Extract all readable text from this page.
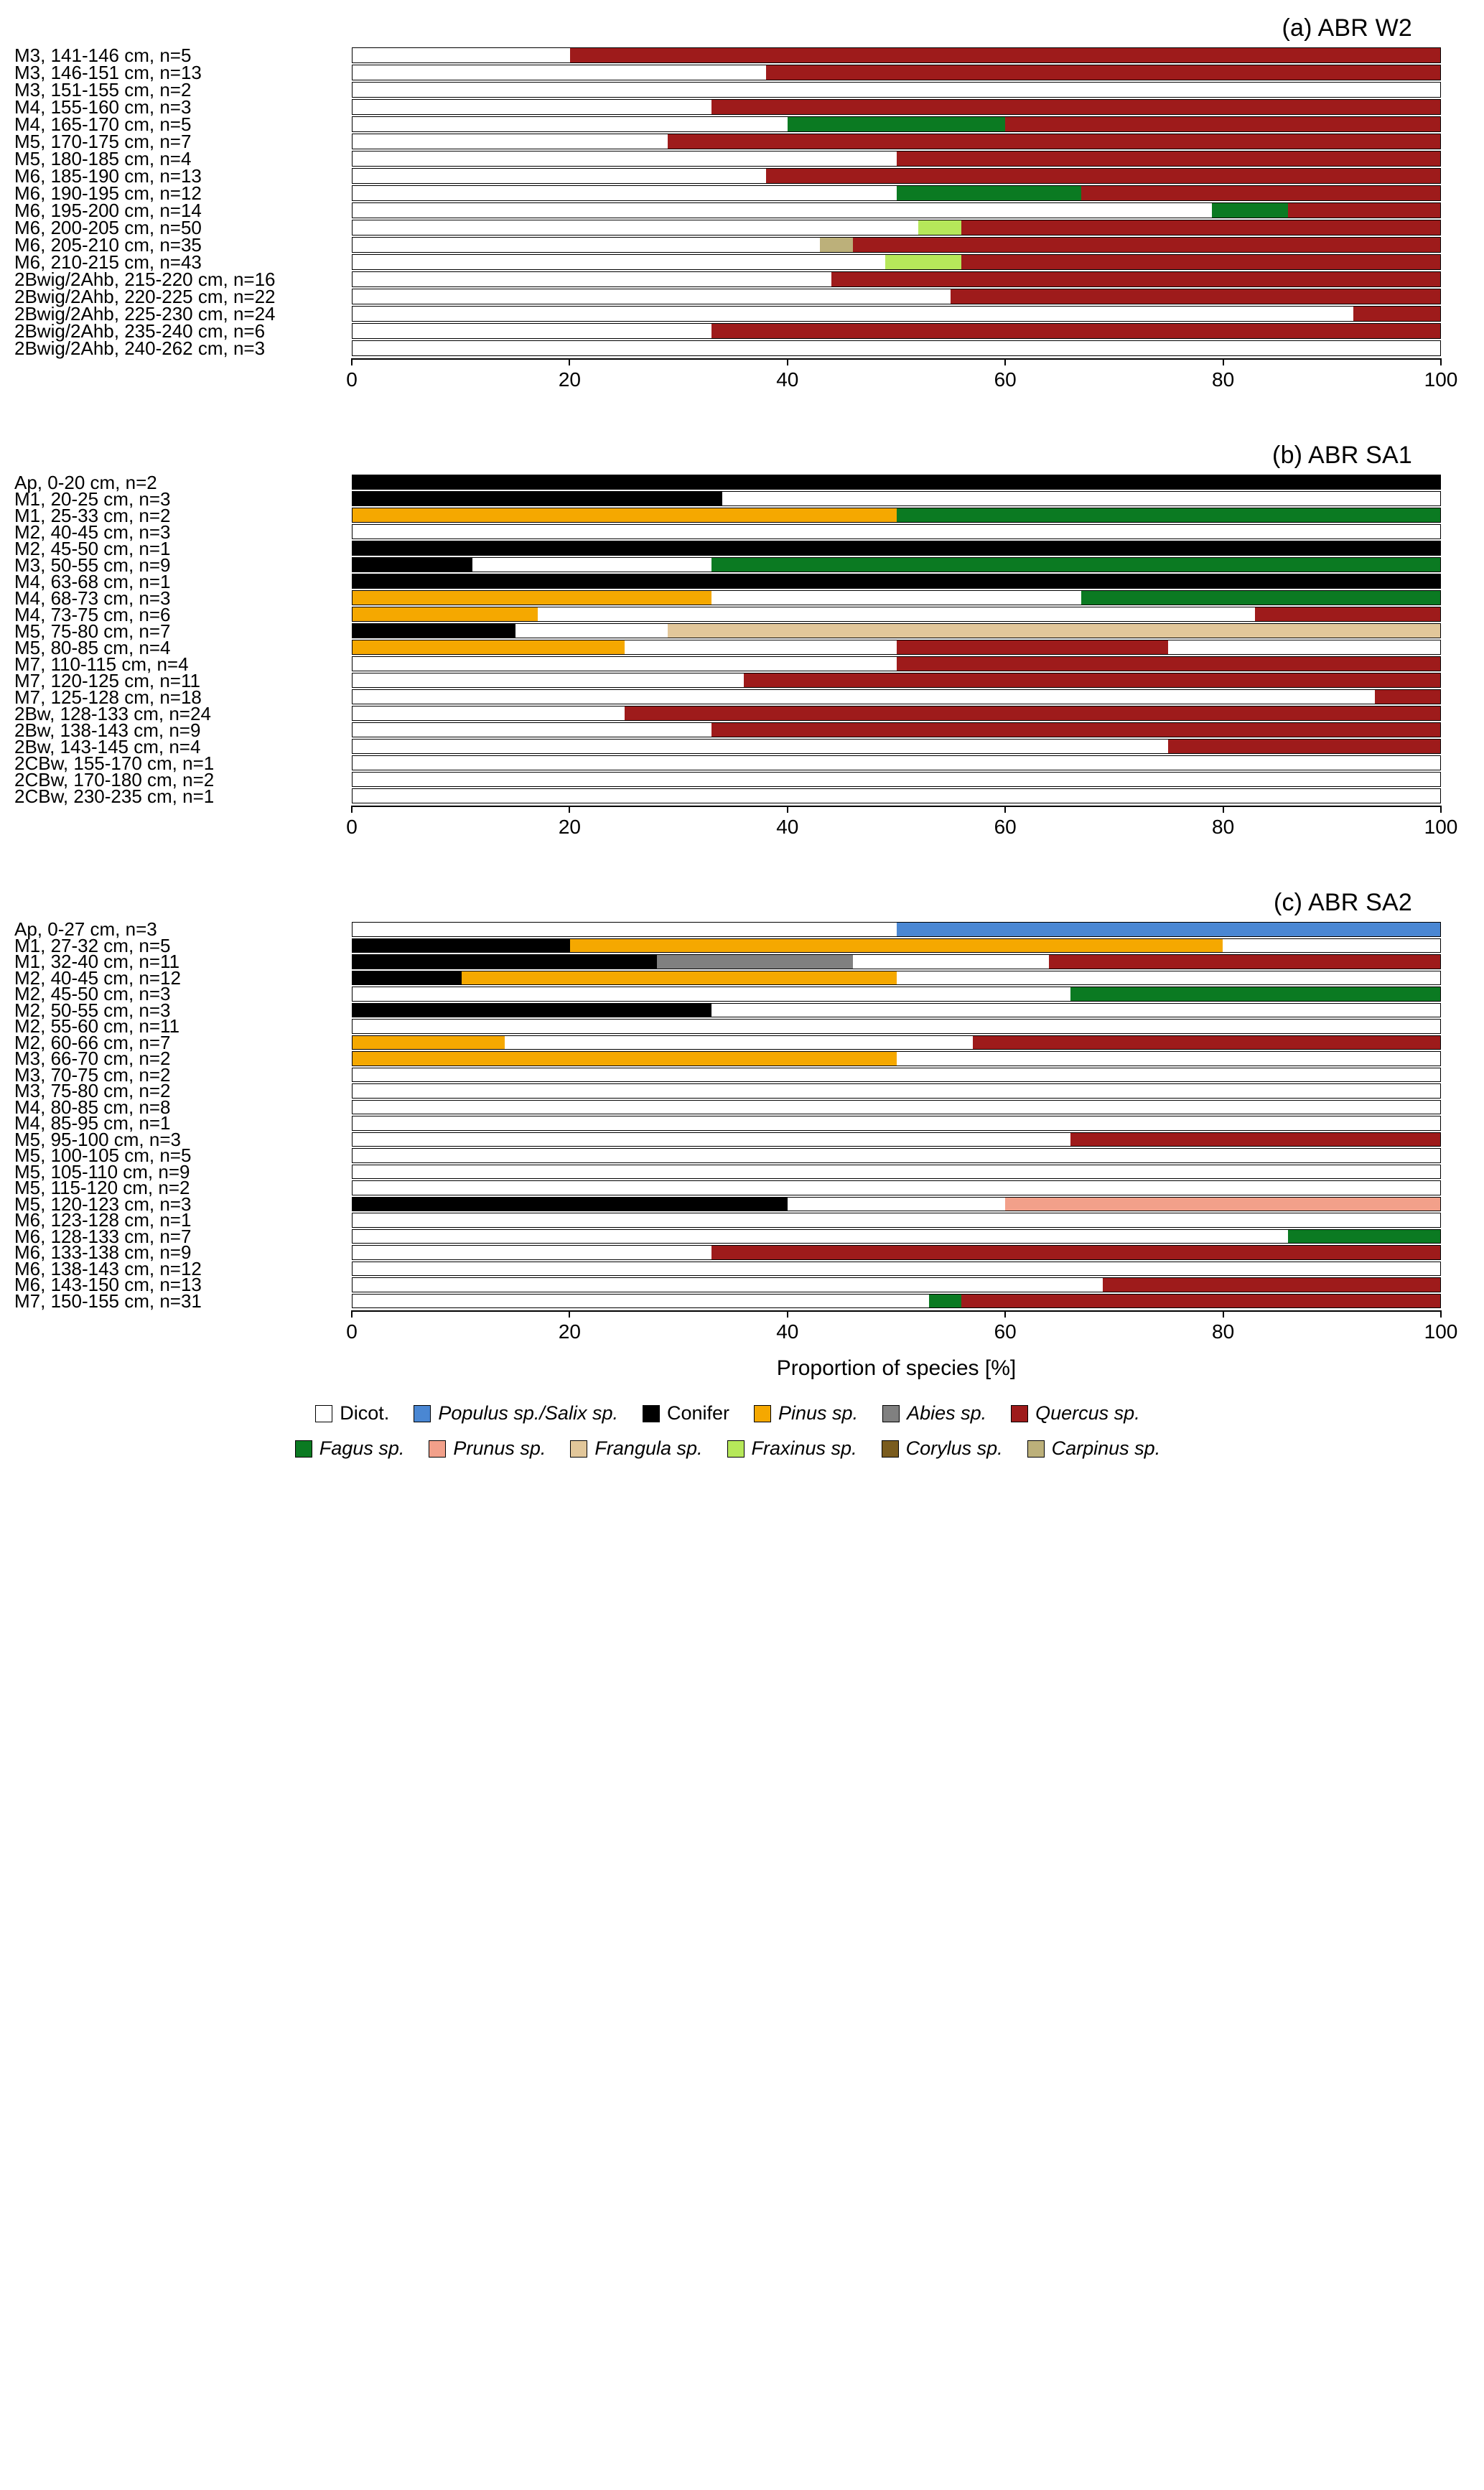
(a) ABR W2
M3, 141-146 cm, n=5
M3, 146-151 cm, n=13
M3, 151-155 cm, n=2
M4, 155-160 cm, n=3
M4, 165-170 cm, n=5
M5, 170-175 cm, n=7
M5, 180-185 cm, n=4
M6, 185-190 cm, n=13
M6, 190-195 cm, n=12
M6, 195-200 cm, n=14
M6, 200-205 cm, n=50
M6, 205-210 cm, n=35
M6, 210-215 cm, n=43
2Bwig/2Ahb, 215-220 cm, n=16
2Bwig/2Ahb, 220-225 cm, n=22
2Bwig/2Ahb, 225-230 cm, n=24
2Bwig/2Ahb, 235-240 cm, n=6
2Bwig/2Ahb, 240-262 cm, n=3
0	20	40	60	80	100
(b) ABR SA1
Ap, 0-20 cm, n=2
M1, 20-25 cm, n=3
M1, 25-33 cm, n=2
M2, 40-45 cm, n=3
M2, 45-50 cm, n=1
M3, 50-55 cm, n=9
M4, 63-68 cm, n=1
M4, 68-73 cm, n=3
M4, 73-75 cm, n=6
M5, 75-80 cm, n=7
M5, 80-85 cm, n=4
M7, 110-115 cm, n=4
M7, 120-125 cm, n=11
M7, 125-128 cm, n=18
2Bw, 128-133 cm, n=24
2Bw, 138-143 cm, n=9
2Bw, 143-145 cm, n=4
2CBw, 155-170 cm, n=1
2CBw, 170-180 cm, n=2
2CBw, 230-235 cm, n=1
0	20	40	60	80	100
(c) ABR SA2
Ap, 0-27 cm, n=3
M1, 27-32 cm, n=5
M1, 32-40 cm, n=11
M2, 40-45 cm, n=12
M2, 45-50 cm, n=3
M2, 50-55 cm, n=3
M2, 55-60 cm, n=11
M2, 60-66 cm, n=7
M3, 66-70 cm, n=2
M3, 70-75 cm, n=2
M3, 75-80 cm, n=2
M4, 80-85 cm, n=8
M4, 85-95 cm, n=1
M5, 95-100 cm, n=3
M5, 100-105 cm, n=5
M5, 105-110 cm, n=9
M5, 115-120 cm, n=2
M5, 120-123 cm, n=3
M6, 123-128 cm, n=1
M6, 128-133 cm, n=7
M6, 133-138 cm, n=9
M6, 138-143 cm, n=12
M6, 143-150 cm, n=13
M7, 150-155 cm, n=31
0	20	40	60	80	100
Proportion of species [%]
Dicot.	Populus sp./Salix sp.	Conifer	Pinus sp.	Abies sp.	Quercus sp.
Fagus sp.	Prunus sp.	Frangula sp.	Fraxinus sp.	Corylus sp.	Carpinus sp.
